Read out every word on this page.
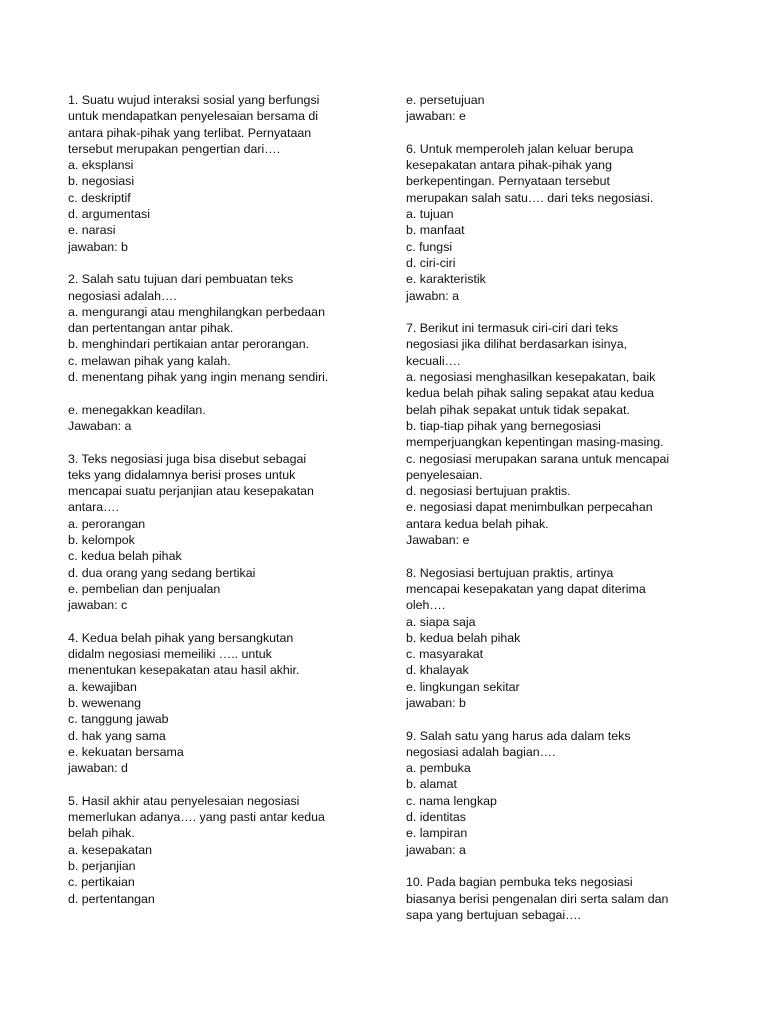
1. Suatu wujud interaksi sosial yang berfungsi

untuk mendapatkan penyelesaian bersama di

antara pihak-pihak yang terlibat. Pernyataan

tersebut merupakan pengertian dari….

a. eksplansi

b. negosiasi

c. deskriptif

d. argumentasi

e. narasi

jawaban: b

2. Salah satu tujuan dari pembuatan teks

negosiasi adalah….

a. mengurangi atau menghilangkan perbedaan

dan pertentangan antar pihak.

b. menghindari pertikaian antar perorangan.

c. melawan pihak yang kalah.

d. menentang pihak yang ingin menang sendiri.

e. menegakkan keadilan.

Jawaban: a

3. Teks negosiasi juga bisa disebut sebagai

teks yang didalamnya berisi proses untuk

mencapai suatu perjanjian atau kesepakatan

antara….

a. perorangan

b. kelompok

c. kedua belah pihak

d. dua orang yang sedang bertikai

e. pembelian dan penjualan

jawaban: c

4. Kedua belah pihak yang bersangkutan

didalm negosiasi memeiliki ….. untuk

menentukan kesepakatan atau hasil akhir.

a. kewajiban

b. wewenang

c. tanggung jawab

d. hak yang sama

e. kekuatan bersama

jawaban: d

5. Hasil akhir atau penyelesaian negosiasi

memerlukan adanya…. yang pasti antar kedua

belah pihak.

a. kesepakatan

b. perjanjian

c. pertikaian

d. pertentangan

e. persetujuan

jawaban: e

6. Untuk memperoleh jalan keluar berupa

kesepakatan antara pihak-pihak yang

berkepentingan. Pernyataan tersebut

merupakan salah satu…. dari teks negosiasi.

a. tujuan

b. manfaat

c. fungsi

d. ciri-ciri

e. karakteristik

jawabn: a

7. Berikut ini termasuk ciri-ciri dari teks

negosiasi jika dilihat berdasarkan isinya,

kecuali….

a. negosiasi menghasilkan kesepakatan, baik

kedua belah pihak saling sepakat atau kedua

belah pihak sepakat untuk tidak sepakat.

b. tiap-tiap pihak yang bernegosiasi

memperjuangkan kepentingan masing-masing.

c. negosiasi merupakan sarana untuk mencapai

penyelesaian.

d. negosiasi bertujuan praktis.

e. negosiasi dapat menimbulkan perpecahan

antara kedua belah pihak.

Jawaban: e

8. Negosiasi bertujuan praktis, artinya

mencapai kesepakatan yang dapat diterima

oleh….

a. siapa saja

b. kedua belah pihak

c. masyarakat

d. khalayak

e. lingkungan sekitar

jawaban: b

9. Salah satu yang harus ada dalam teks

negosiasi adalah bagian….

a. pembuka

b. alamat

c. nama lengkap

d. identitas

e. lampiran

jawaban: a

10. Pada bagian pembuka teks negosiasi

biasanya berisi pengenalan diri serta salam dan

sapa yang bertujuan sebagai….
